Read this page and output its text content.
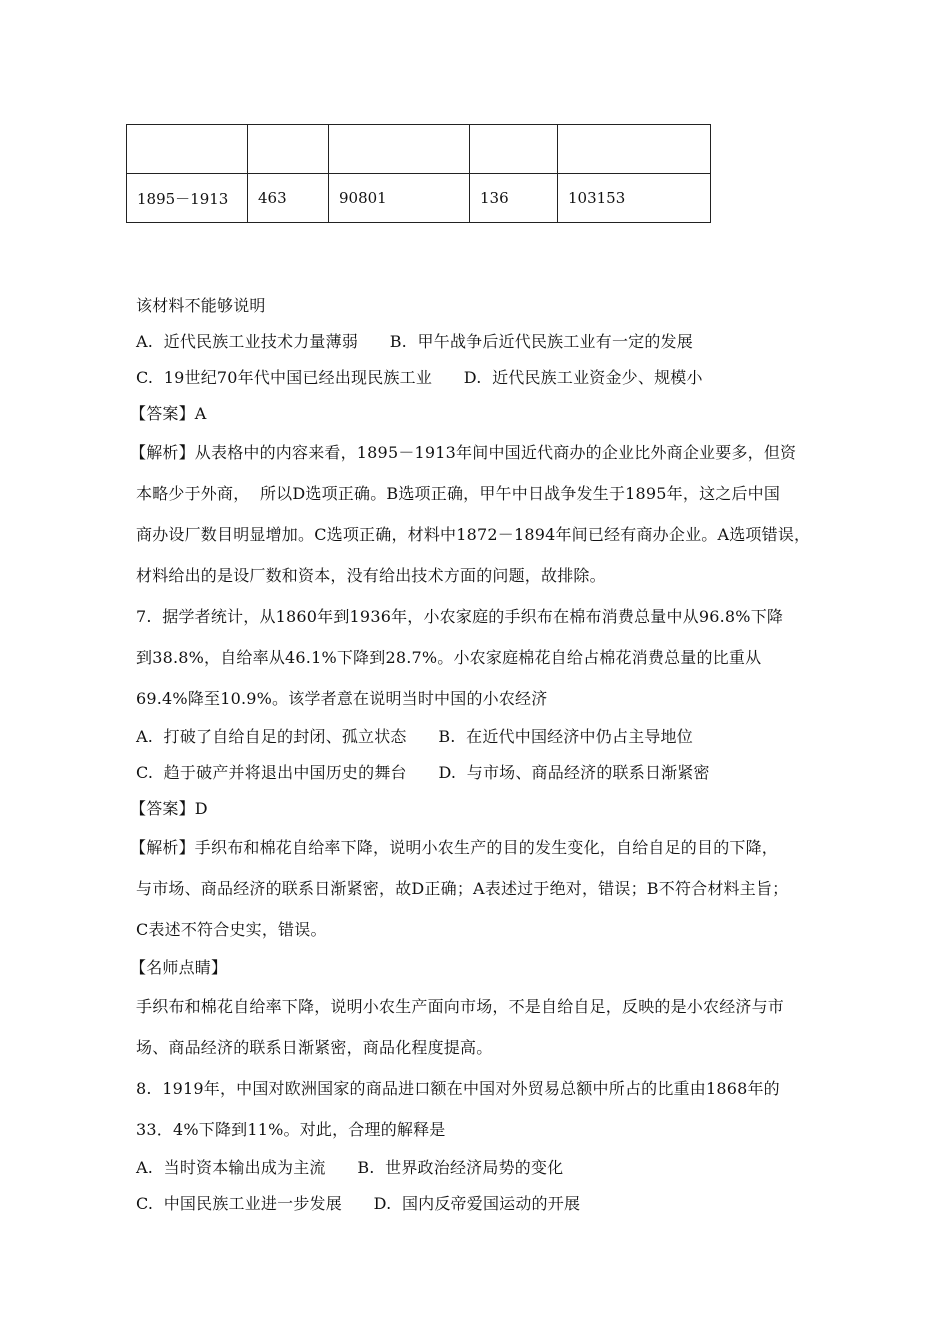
1895－1913	463	90801	136	103153
该材料不能够说明
A.  近代民族工业技术力量薄弱      B.  甲午战争后近代民族工业有一定的发展
C.  19世纪70年代中国已经出现民族工业      D.  近代民族工业资金少、规模小
【答案】A
【解析】从表格中的内容来看，1895－1913年间中国近代商办的企业比外商企业要多，但资
本略少于外商，  所以D选项正确。B选项正确，甲午中日战争发生于1895年，这之后中国
商办设厂数目明显增加。C选项正确，材料中1872－1894年间已经有商办企业。A选项错误，
材料给出的是设厂数和资本，没有给出技术方面的问题，故排除。
7.  据学者统计，从1860年到1936年，小农家庭的手织布在棉布消费总量中从96.8%下降
到38.8%，自给率从46.1%下降到28.7%。小农家庭棉花自给占棉花消费总量的比重从
69.4%降至10.9%。该学者意在说明当时中国的小农经济
A.  打破了自给自足的封闭、孤立状态      B.  在近代中国经济中仍占主导地位
C.  趋于破产并将退出中国历史的舞台      D.  与市场、商品经济的联系日渐紧密
【答案】D
【解析】手织布和棉花自给率下降，说明小农生产的目的发生变化，自给自足的目的下降，
与市场、商品经济的联系日渐紧密，故D正确；A表述过于绝对，错误；B不符合材料主旨；
C表述不符合史实，错误。
【名师点睛】
手织布和棉花自给率下降，说明小农生产面向市场，不是自给自足，反映的是小农经济与市
场、商品经济的联系日渐紧密，商品化程度提高。
8.  1919年，中国对欧洲国家的商品进口额在中国对外贸易总额中所占的比重由1868年的
33．4%下降到11%。对此，合理的解释是
A.  当时资本输出成为主流      B.  世界政治经济局势的变化
C.  中国民族工业进一步发展      D.  国内反帝爱国运动的开展
